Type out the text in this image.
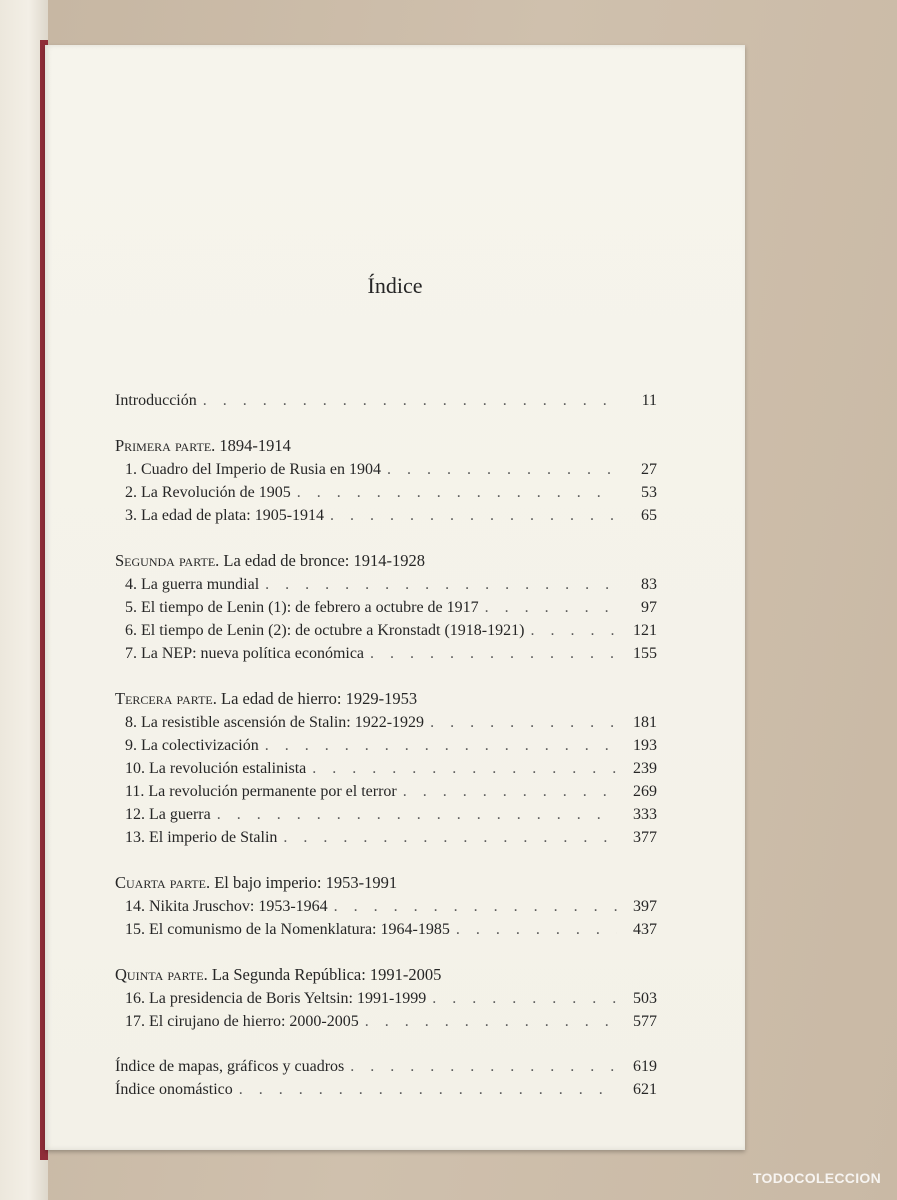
Índice
Introducción . . .	11
Primera parte. 1894-1914
1. Cuadro del Imperio de Rusia en 1904 . . .	27
2. La Revolución de 1905 . . .	53
3. La edad de plata: 1905-1914 . . .	65
Segunda parte. La edad de bronce: 1914-1928
4. La guerra mundial . . .	83
5. El tiempo de Lenin (1): de febrero a octubre de 1917 . . .	97
6. El tiempo de Lenin (2): de octubre a Kronstadt (1918-1921) . . .	121
7. La NEP: nueva política económica . . .	155
Tercera parte. La edad de hierro: 1929-1953
8. La resistible ascensión de Stalin: 1922-1929 . . .	181
9. La colectivización . . .	193
10. La revolución estalinista . . .	239
11. La revolución permanente por el terror . . .	269
12. La guerra . . .	333
13. El imperio de Stalin . . .	377
Cuarta parte. El bajo imperio: 1953-1991
14. Nikita Jruschov: 1953-1964 . . .	397
15. El comunismo de la Nomenklatura: 1964-1985 . . .	437
Quinta parte. La Segunda República: 1991-2005
16. La presidencia de Boris Yeltsin: 1991-1999 . . .	503
17. El cirujano de hierro: 2000-2005 . . .	577
Índice de mapas, gráficos y cuadros . . .	619
Índice onomástico . . .	621
TODOCOLECCION
